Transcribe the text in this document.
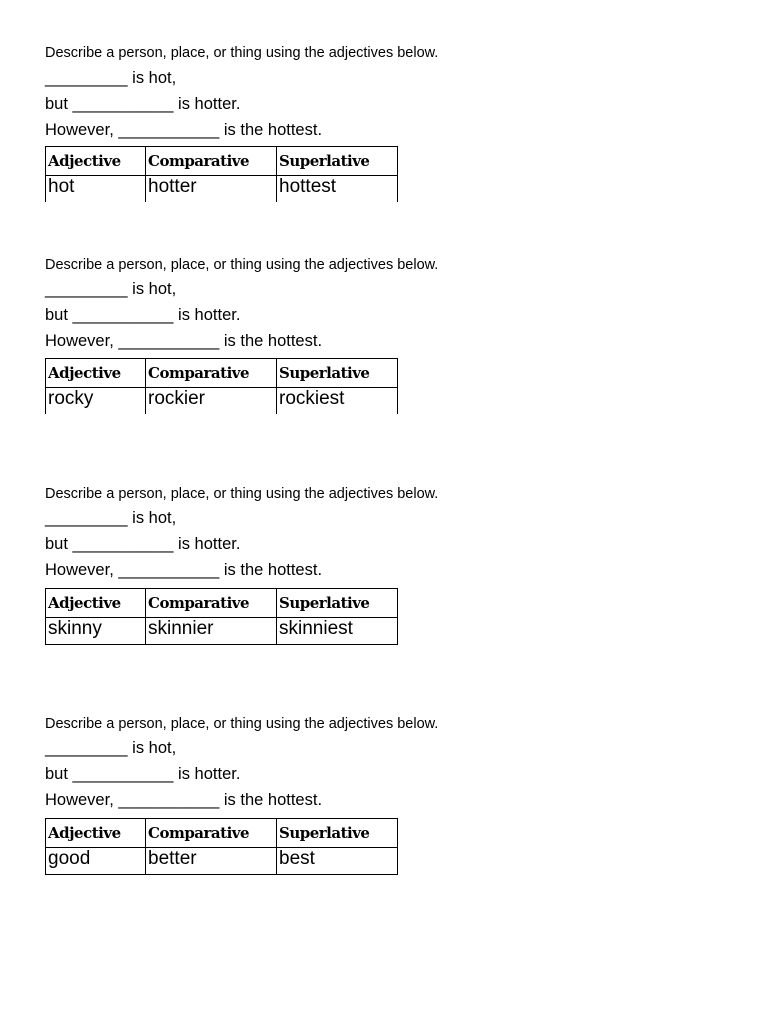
Describe a person, place, or thing using the adjectives below.
_________ is hot,
but ___________ is hotter.
However, ___________ is the hottest.
Adjective	Comparative	Superlative
hot	hotter	hottest
Describe a person, place, or thing using the adjectives below.
_________ is hot,
but ___________ is hotter.
However, ___________ is the hottest.
Adjective	Comparative	Superlative
rocky	rockier	rockiest
Describe a person, place, or thing using the adjectives below.
_________ is hot,
but ___________ is hotter.
However, ___________ is the hottest.
Adjective	Comparative	Superlative
skinny	skinnier	skinniest
Describe a person, place, or thing using the adjectives below.
_________ is hot,
but ___________ is hotter.
However, ___________ is the hottest.
Adjective	Comparative	Superlative
good	better	best
